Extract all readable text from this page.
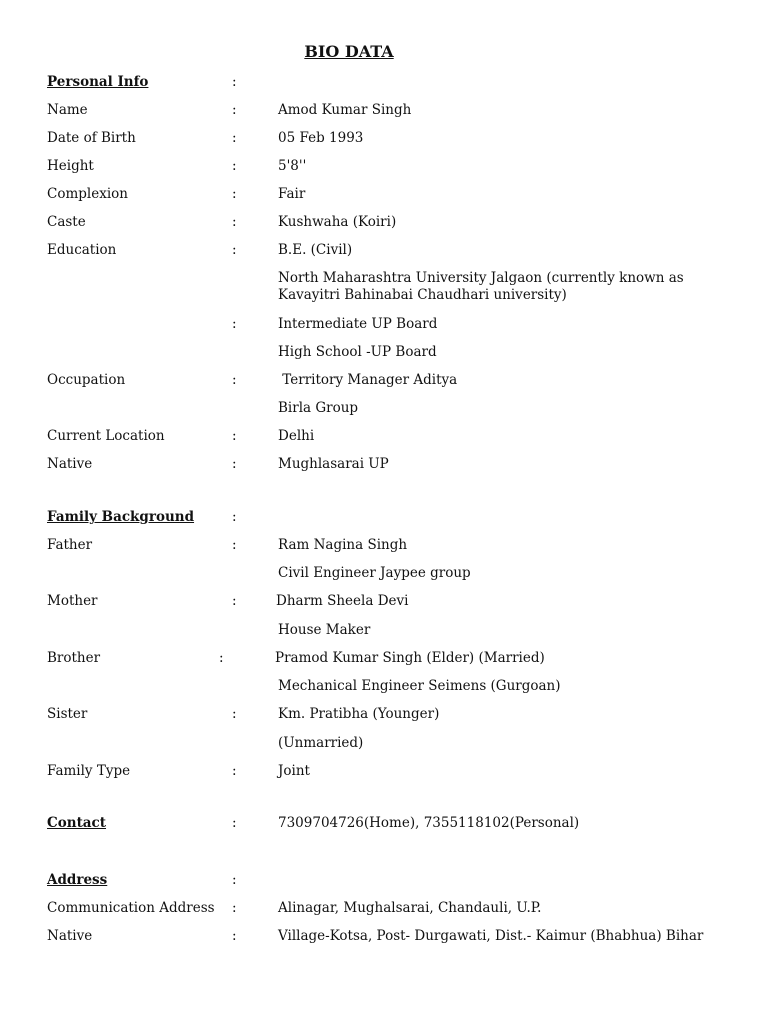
BIO DATA
Personal Info	:
Name	:	Amod Kumar Singh
Date of Birth	:	05 Feb 1993
Height	:	5'8''
Complexion	:	Fair
Caste	:	Kushwaha (Koiri)
Education	:	B.E. (Civil)
North Maharashtra University Jalgaon (currently known as Kavayitri Bahinabai Chaudhari university)
:	Intermediate UP Board
High School -UP Board
Occupation	:	Territory Manager Aditya
Birla Group
Current Location	:	Delhi
Native	:	Mughlasarai UP
Family Background	:
Father	:	Ram Nagina Singh
Civil Engineer Jaypee group
Mother	:	Dharm Sheela Devi
House Maker
Brother	:	Pramod Kumar Singh (Elder) (Married)
Mechanical Engineer Seimens (Gurgoan)
Sister	:	Km. Pratibha (Younger)
(Unmarried)
Family Type	:	Joint
Contact	:	7309704726(Home), 7355118102(Personal)
Address	:
Communication Address :	Alinagar, Mughalsarai, Chandauli, U.P.
Native	:	Village-Kotsa, Post- Durgawati, Dist.- Kaimur (Bhabhua) Bihar
